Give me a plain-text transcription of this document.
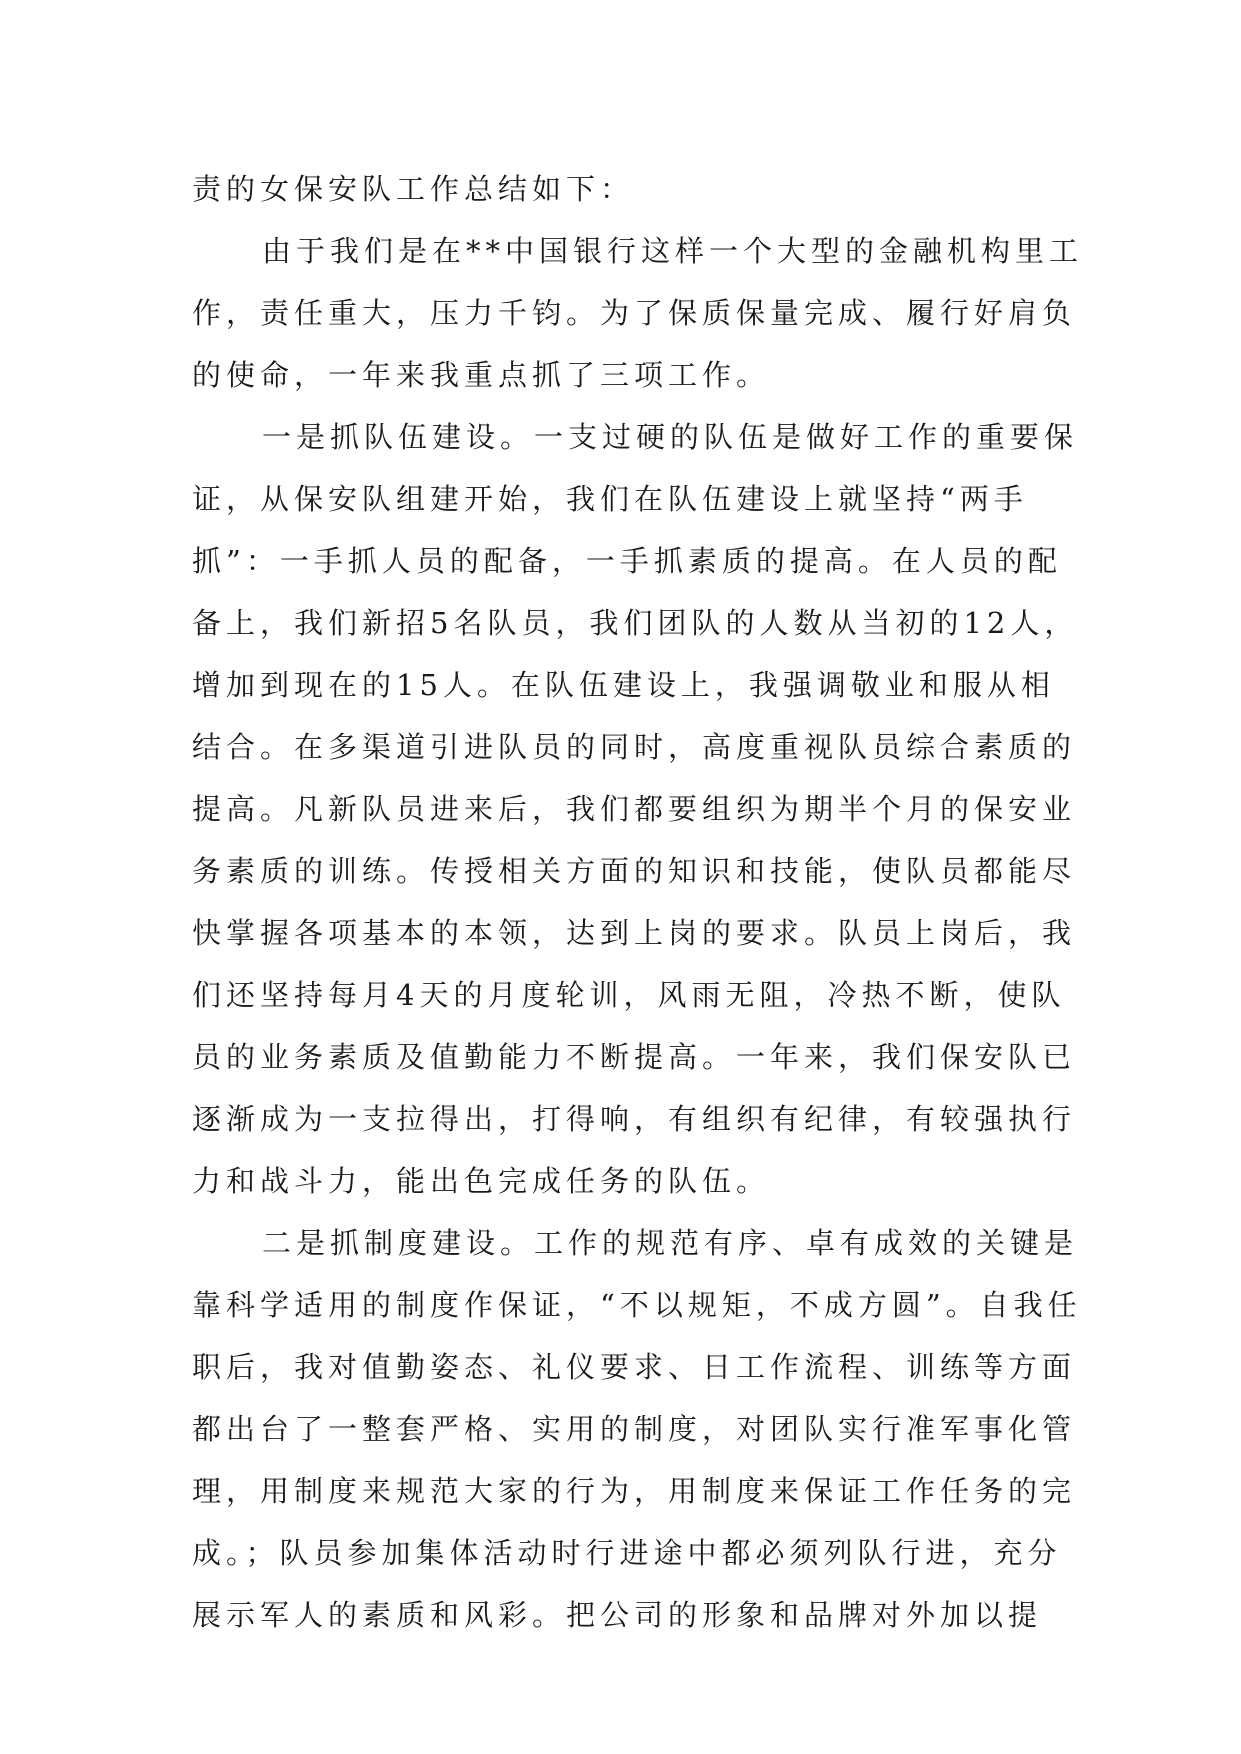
责的女保安队工作总结如下：
由于我们是在**中国银行这样一个大型的金融机构里工
作，责任重大，压力千钧。为了保质保量完成、履行好肩负
的使命，一年来我重点抓了三项工作。
一是抓队伍建设。一支过硬的队伍是做好工作的重要保
证，从保安队组建开始，我们在队伍建设上就坚持“两手
抓”：一手抓人员的配备，一手抓素质的提高。在人员的配
备上，我们新招5名队员，我们团队的人数从当初的12人，
增加到现在的15人。在队伍建设上，我强调敬业和服从相
结合。在多渠道引进队员的同时，高度重视队员综合素质的
提高。凡新队员进来后，我们都要组织为期半个月的保安业
务素质的训练。传授相关方面的知识和技能，使队员都能尽
快掌握各项基本的本领，达到上岗的要求。队员上岗后，我
们还坚持每月4天的月度轮训，风雨无阻，冷热不断，使队
员的业务素质及值勤能力不断提高。一年来，我们保安队已
逐渐成为一支拉得出，打得响，有组织有纪律，有较强执行
力和战斗力，能出色完成任务的队伍。
二是抓制度建设。工作的规范有序、卓有成效的关键是
靠科学适用的制度作保证，“不以规矩，不成方圆”。自我任
职后，我对值勤姿态、礼仪要求、日工作流程、训练等方面
都出台了一整套严格、实用的制度，对团队实行准军事化管
理，用制度来规范大家的行为，用制度来保证工作任务的完
成。；队员参加集体活动时行进途中都必须列队行进，充分
展示军人的素质和风彩。把公司的形象和品牌对外加以提
